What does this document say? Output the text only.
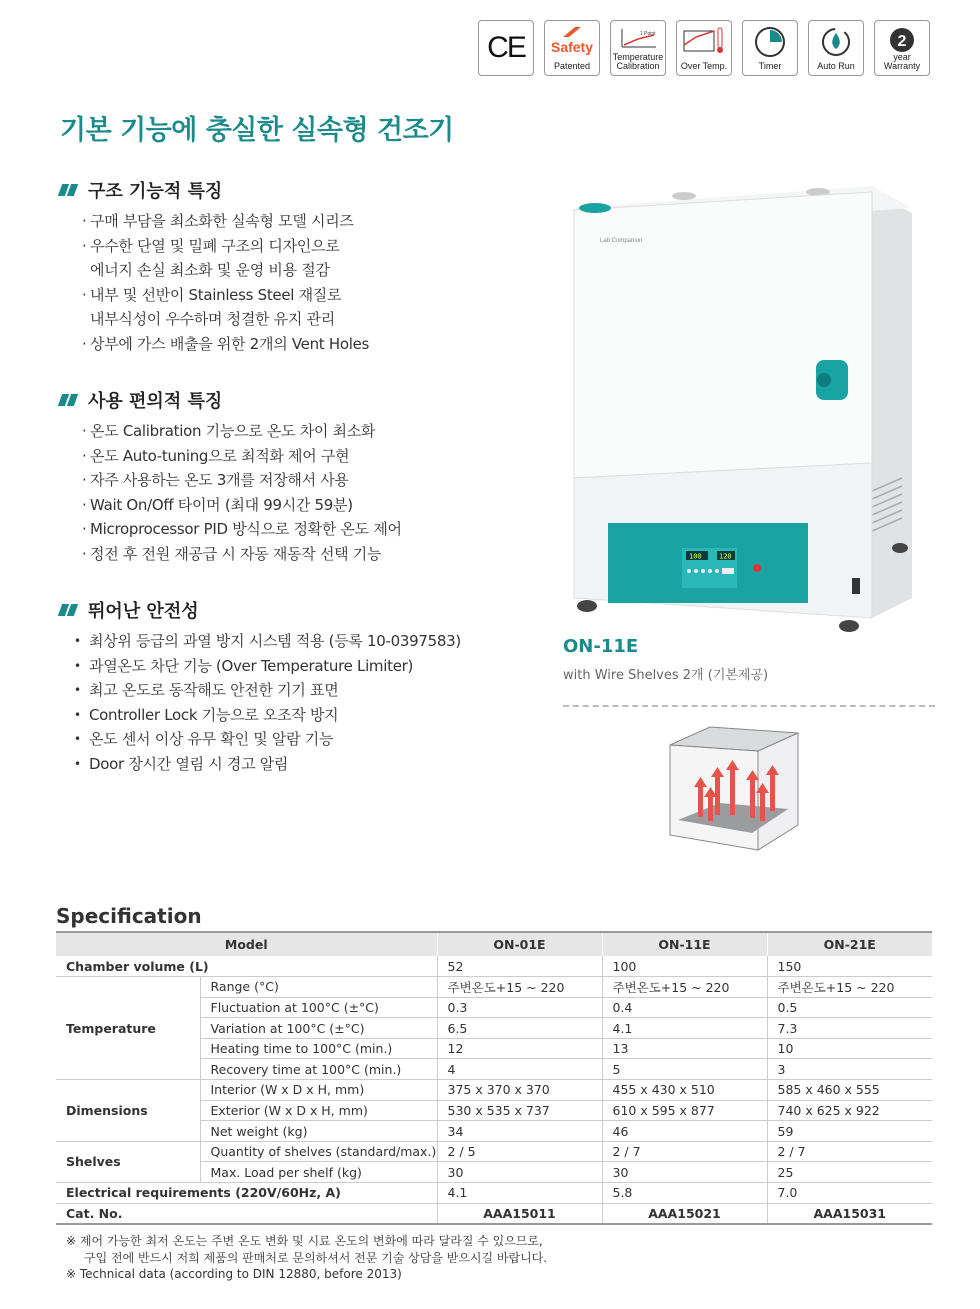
CE	Safety
Patented
1 Point
Temperature Calibration	Over Temp.	Timer	Auto Run
2
year Warranty
기본 기능에 충실한 실속형 건조기
구조 기능적 특징
· 구매 부담을 최소화한 실속형 모델 시리즈
· 우수한 단열 및 밀폐 구조의 디자인으로
에너지 손실 최소화 및 운영 비용 절감
· 내부 및 선반이 Stainless Steel 재질로
내부식성이 우수하며 청결한 유지 관리
· 상부에 가스 배출을 위한 2개의 Vent Holes
사용 편의적 특징
· 온도 Calibration 기능으로 온도 차이 최소화
· 온도 Auto-tuning으로 최적화 제어 구현
· 자주 사용하는 온도 3개를 저장해서 사용
· Wait On/Off 타이머 (최대 99시간 59분)
· Microprocessor PID 방식으로 정확한 온도 제어
· 정전 후 전원 재공급 시 자동 재동작 선택 기능
뛰어난 안전성
• 최상위 등급의 과열 방지 시스템 적용 (등록 10-0397583)
• 과열온도 차단 기능 (Over Temperature Limiter)
• 최고 온도로 동작해도 안전한 기기 표면
• Controller Lock 기능으로 오조작 방지
• 온도 센서 이상 유무 확인 및 알람 기능
• Door 장시간 열림 시 경고 알림
Lab Companion
100 120
ON-11E
with Wire Shelves 2개 (기본제공)
Specification
Model		ON-01E	ON-11E	ON-21E
Chamber volume (L)		52	100	150
Temperature	Range (°C)	주변온도+15 ~ 220	주변온도+15 ~ 220	주변온도+15 ~ 220
	Fluctuation at 100°C (±°C)	0.3	0.4	0.5
	Variation at 100°C (±°C)	6.5	4.1	7.3
	Heating time to 100°C (min.)	12	13	10
	Recovery time at 100°C (min.)	4	5	3
Dimensions	Interior (W x D x H, mm)	375 x 370 x 370	455 x 430 x 510	585 x 460 x 555
	Exterior (W x D x H, mm)	530 x 535 x 737	610 x 595 x 877	740 x 625 x 922
	Net weight (kg)	34	46	59
Shelves	Quantity of shelves (standard/max.)	2 / 5	2 / 7	2 / 7
	Max. Load per shelf (kg)	30	30	25
Electrical requirements (220V/60Hz, A)		4.1	5.8	7.0
Cat. No.		AAA15011	AAA15021	AAA15031

※ 제어 가능한 최저 온도는 주변 온도 변화 및 시료 온도의 변화에 따라 달라질 수 있으므로,

구입 전에 반드시 저희 제품의 판매처로 문의하셔서 전문 기술 상담을 받으시길 바랍니다.

※ Technical data (according to DIN 12880, before 2013)
